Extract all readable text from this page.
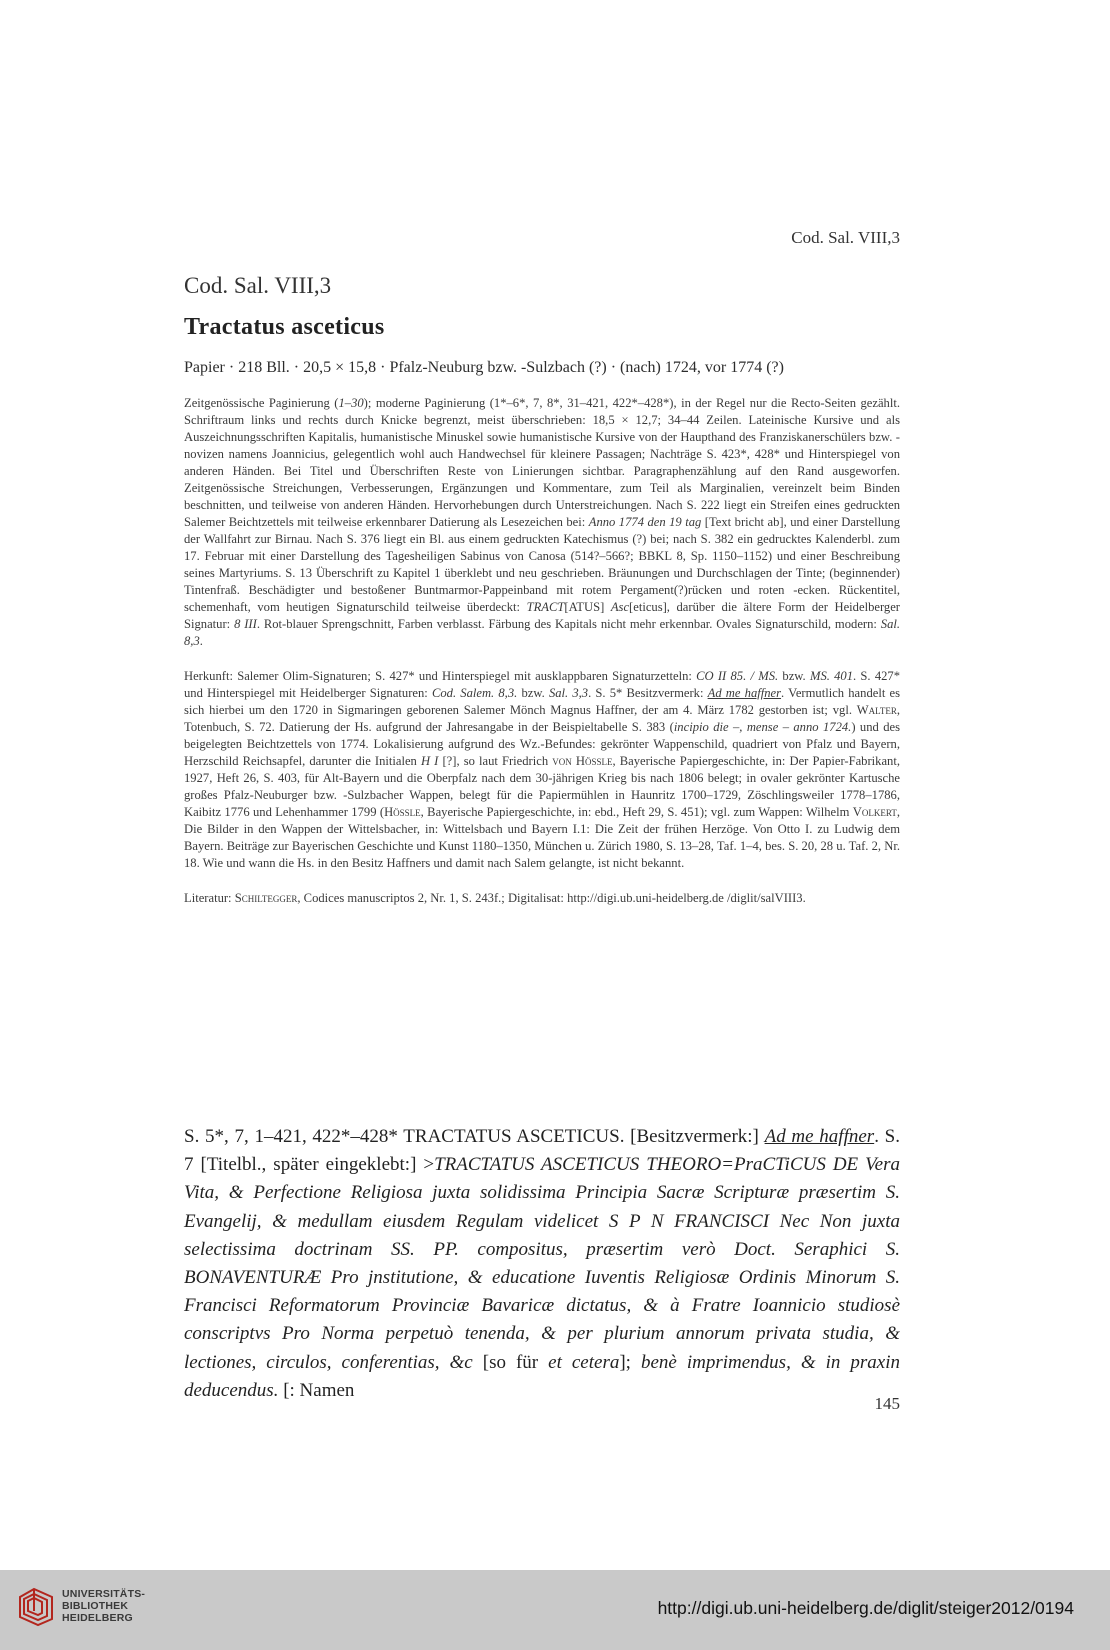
Cod. Sal. VIII,3
Cod. Sal. VIII,3
Tractatus asceticus

Papier · 218 Bll. · 20,5 × 15,8 · Pfalz-Neuburg bzw. -Sulzbach (?) · (nach) 1724, vor 1774 (?)

Zeitgenössische Paginierung (1–30); moderne Paginierung (1*–6*, 7, 8*, 31–421, 422*–428*), in der Regel nur die Recto-Seiten gezählt. Schriftraum links und rechts durch Knicke begrenzt, meist überschrieben: 18,5 × 12,7; 34–44 Zeilen. Lateinische Kursive und als Auszeichnungsschriften Kapitalis, humanistische Minuskel sowie humanistische Kursive von der Haupthand des Franziskanerschülers bzw. -novizen namens Joannicius, gelegentlich wohl auch Handwechsel für kleinere Passagen; Nachträge S. 423*, 428* und Hinterspiegel von anderen Händen. Bei Titel und Überschriften Reste von Linierungen sichtbar. Paragraphenzählung auf den Rand ausgeworfen. Zeitgenössische Streichungen, Verbesserungen, Ergänzungen und Kommentare, zum Teil als Marginalien, vereinzelt beim Binden beschnitten, und teilweise von anderen Händen. Hervorhebungen durch Unterstreichungen. Nach S. 222 liegt ein Streifen eines gedruckten Salemer Beichtzettels mit teilweise erkennbarer Datierung als Lesezeichen bei: Anno 1774 den 19 tag [Text bricht ab], und einer Darstellung der Wallfahrt zur Birnau. Nach S. 376 liegt ein Bl. aus einem gedruckten Katechismus (?) bei; nach S. 382 ein gedrucktes Kalenderbl. zum 17. Februar mit einer Darstellung des Tagesheiligen Sabinus von Canosa (514?–566?; BBKL 8, Sp. 1150–1152) und einer Beschreibung seines Martyriums. S. 13 Überschrift zu Kapitel 1 überklebt und neu geschrieben. Bräunungen und Durchschlagen der Tinte; (beginnender) Tintenfraß. Beschädigter und bestoßener Buntmarmor-Pappeinband mit rotem Pergament(?)rücken und roten -ecken. Rückentitel, schemenhaft, vom heutigen Signaturschild teilweise überdeckt: TRACT[ATUS] Asc[eticus], darüber die ältere Form der Heidelberger Signatur: 8 III. Rot-blauer Sprengschnitt, Farben verblasst. Färbung des Kapitals nicht mehr erkennbar. Ovales Signaturschild, modern: Sal. 8,3.

Herkunft: Salemer Olim-Signaturen; S. 427* und Hinterspiegel mit ausklappbaren Signaturzetteln: CO II 85. / MS. bzw. MS. 401. S. 427* und Hinterspiegel mit Heidelberger Signaturen: Cod. Salem. 8,3. bzw. Sal. 3,3. S. 5* Besitzvermerk: Ad me haffner. Vermutlich handelt es sich hierbei um den 1720 in Sigmaringen geborenen Salemer Mönch Magnus Haffner, der am 4. März 1782 gestorben ist; vgl. Walter, Totenbuch, S. 72. Datierung der Hs. aufgrund der Jahresangabe in der Beispieltabelle S. 383 (incipio die –, mense – anno 1724.) und des beigelegten Beichtzettels von 1774. Lokalisierung aufgrund des Wz.-Befundes: gekrönter Wappenschild, quadriert von Pfalz und Bayern, Herzschild Reichsapfel, darunter die Initialen H I [?], so laut Friedrich von Hössle, Bayerische Papiergeschichte, in: Der Papier-Fabrikant, 1927, Heft 26, S. 403, für Alt-Bayern und die Oberpfalz nach dem 30-jährigen Krieg bis nach 1806 belegt; in ovaler gekrönter Kartusche großes Pfalz-Neuburger bzw. -Sulzbacher Wappen, belegt für die Papiermühlen in Haunritz 1700–1729, Zöschlingsweiler 1778–1786, Kaibitz 1776 und Lehenhammer 1799 (Hössle, Bayerische Papiergeschichte, in: ebd., Heft 29, S. 451); vgl. zum Wappen: Wilhelm Volkert, Die Bilder in den Wappen der Wittelsbacher, in: Wittelsbach und Bayern I.1: Die Zeit der frühen Herzöge. Von Otto I. zu Ludwig dem Bayern. Beiträge zur Bayerischen Geschichte und Kunst 1180–1350, München u. Zürich 1980, S. 13–28, Taf. 1–4, bes. S. 20, 28 u. Taf. 2, Nr. 18. Wie und wann die Hs. in den Besitz Haffners und damit nach Salem gelangte, ist nicht bekannt.

Literatur: Schiltegger, Codices manuscriptos 2, Nr. 1, S. 243f.; Digitalisat: http://digi.ub.uni-heidelberg.de /diglit/salVIII3.

S. 5*, 7, 1–421, 422*–428* TRACTATUS ASCETICUS. [Besitzvermerk:] Ad me haffner. S. 7 [Titelbl., später eingeklebt:] >TRACTATUS ASCETICUS THEORO=PraCTiCUS DE Vera Vita, & Perfectione Religiosa juxta solidissima Principia Sacræ Scripturæ præsertim S. Evangelij, & medullam eiusdem Regulam videlicet S P N FRANCISCI Nec Non juxta selectissima doctrinam SS. PP. compositus, præsertim verò Doct. Seraphici S. BONAVENTURÆ Pro jnstitutione, & educatione Iuventis Religiosæ Ordinis Minorum S. Francisci Reformatorum Provinciæ Bavaricæ dictatus, & à Fratre Ioannicio studiosè conscriptvs Pro Norma perpetuò tenenda, & per plurium annorum privata studia, & lectiones, circulos, conferentias, &c [so für et cetera]; benè imprimendus, & in praxin deducendus. [: Namen
145
UNIVERSITÄTS-
BIBLIOTHEK
HEIDELBERG	http://digi.ub.uni-heidelberg.de/diglit/steiger2012/0194
